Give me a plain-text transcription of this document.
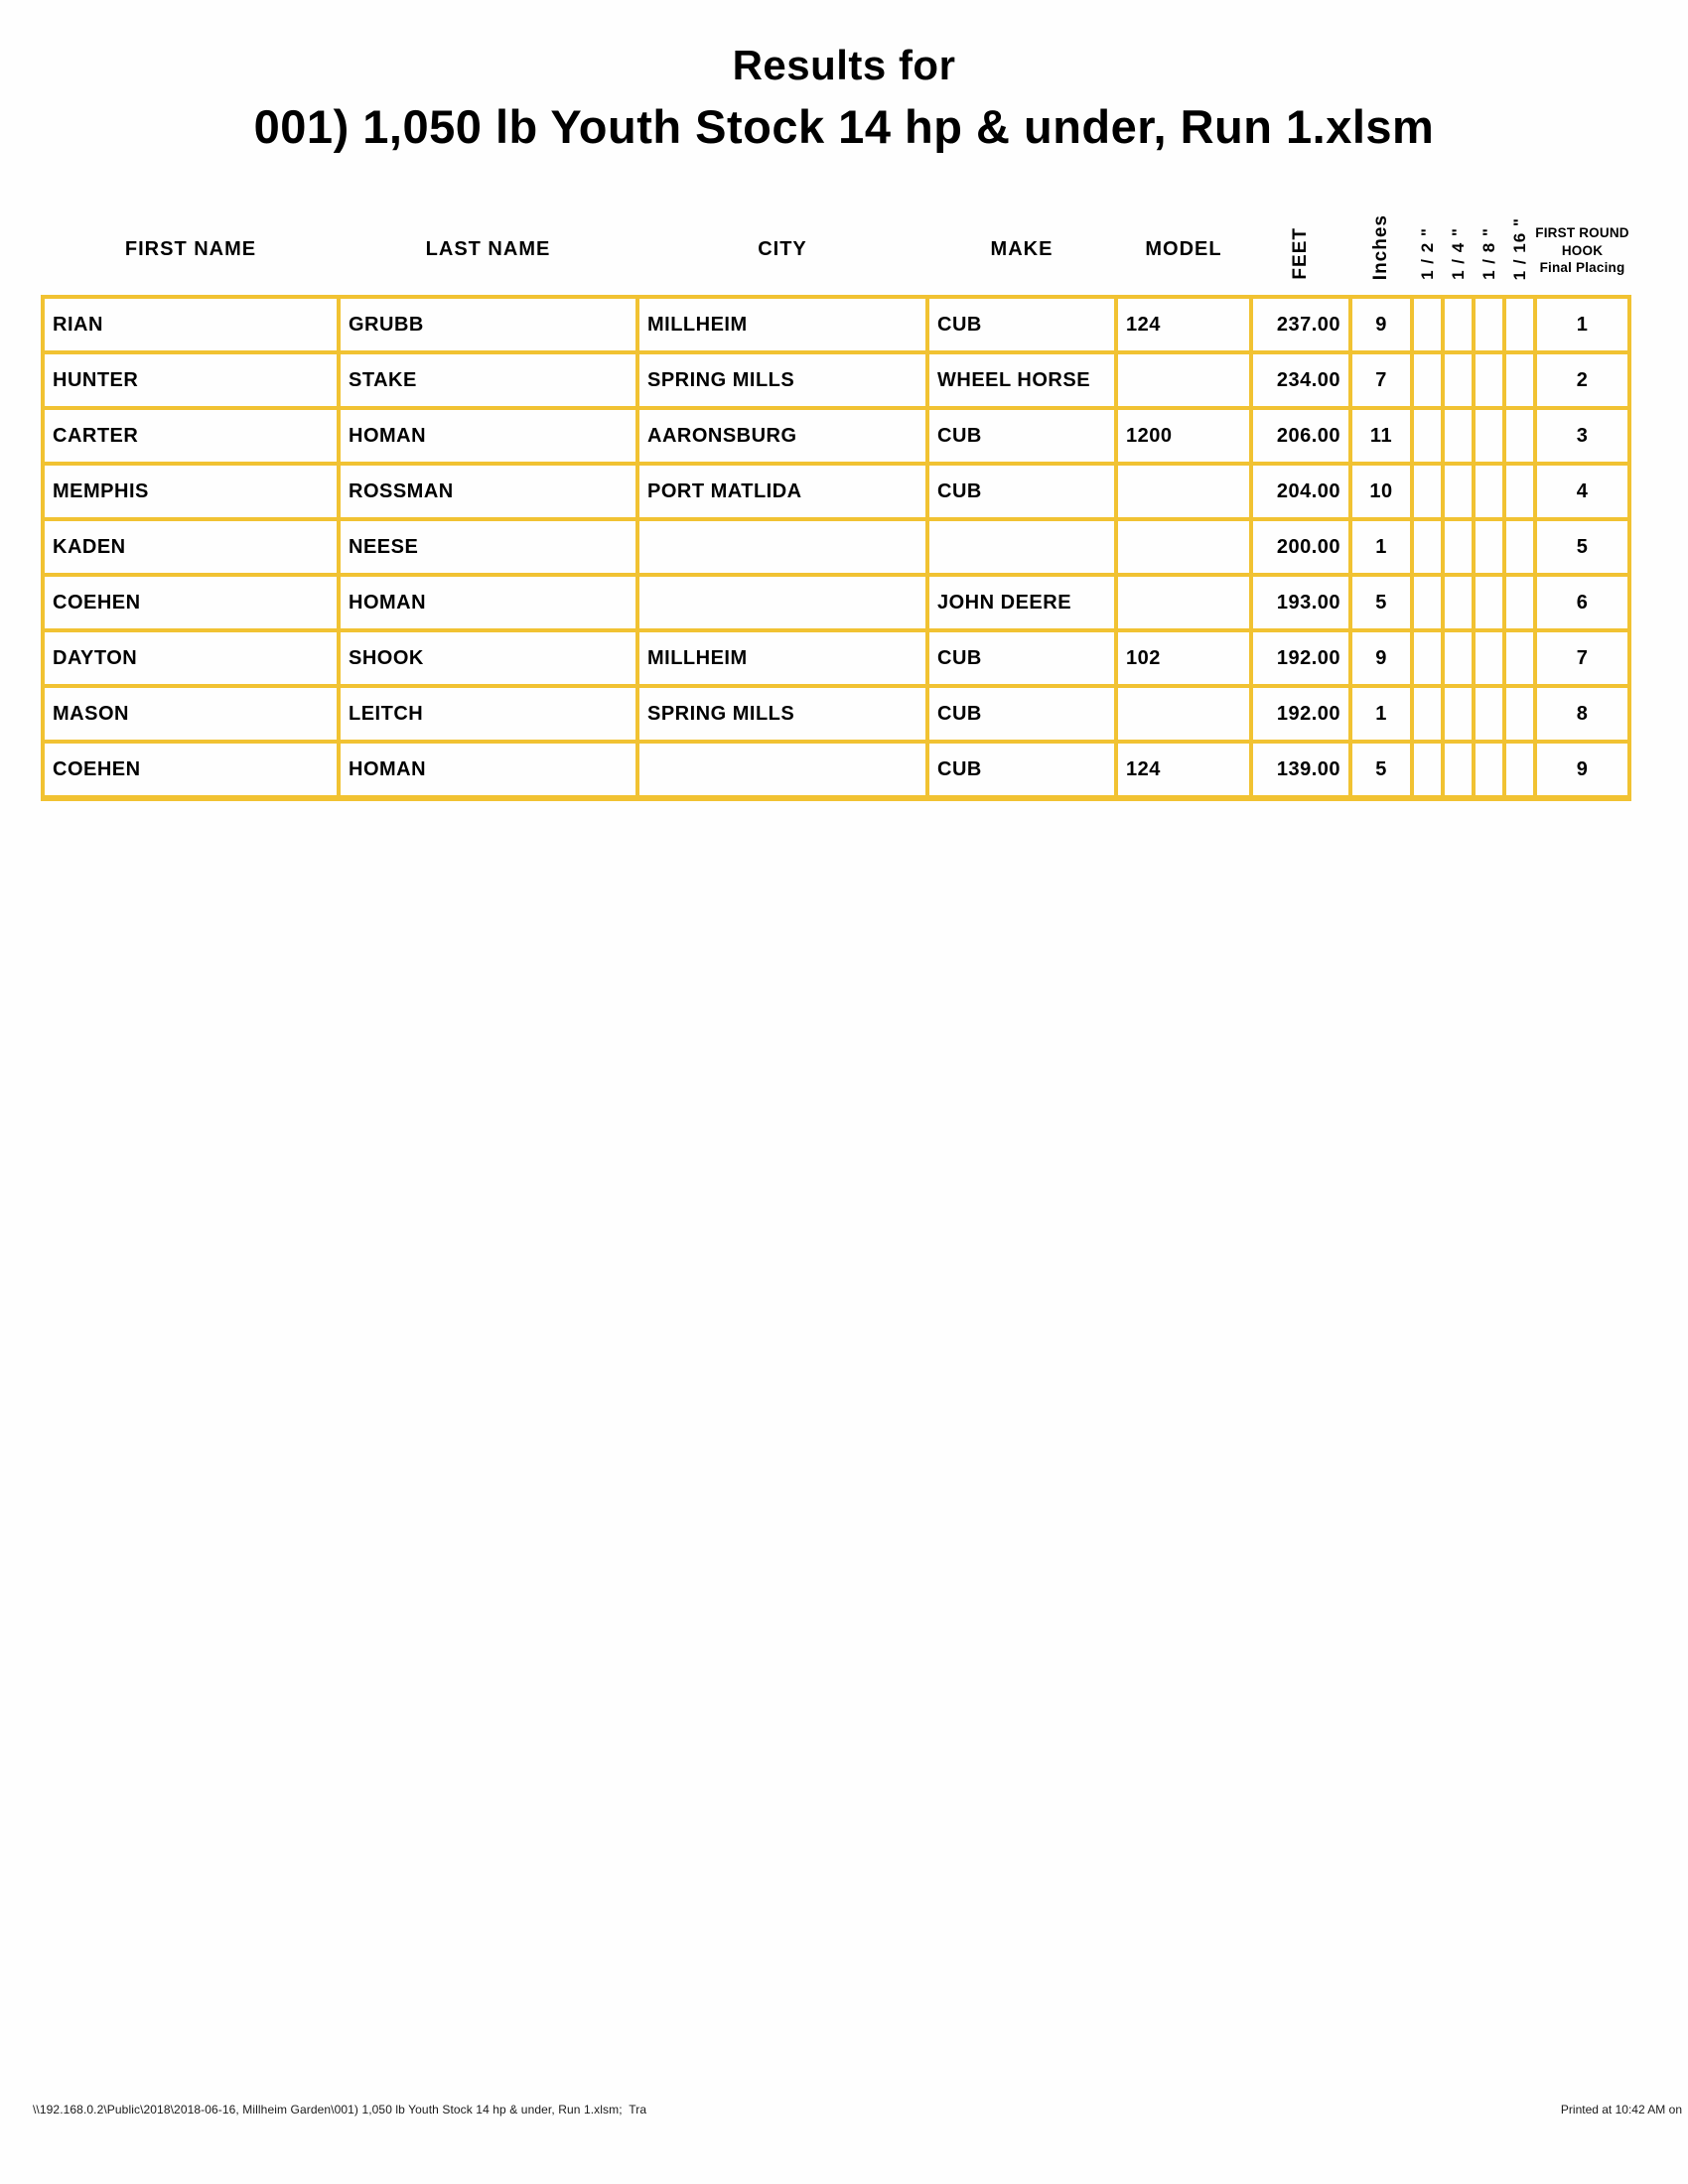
Results for
001) 1,050 lb Youth Stock 14 hp & under, Run 1.xlsm
FIRST NAME	LAST NAME	CITY	MAKE	MODEL	FEET	Inches	1 / 2 "	1 / 4 "	1 / 8 "	1 / 16 "	FIRST ROUND
HOOK
Final Placing

RIAN	GRUBB	MILLHEIM	CUB	124	237.00	9					1
HUNTER	STAKE	SPRING MILLS	WHEEL HORSE		234.00	7					2
CARTER	HOMAN	AARONSBURG	CUB	1200	206.00	11					3
MEMPHIS	ROSSMAN	PORT MATLIDA	CUB		204.00	10					4
KADEN	NEESE				200.00	1					5
COEHEN	HOMAN		JOHN DEERE		193.00	5					6
DAYTON	SHOOK	MILLHEIM	CUB	102	192.00	9					7
MASON	LEITCH	SPRING MILLS	CUB		192.00	1					8
COEHEN	HOMAN		CUB	124	139.00	5					9
\\192.168.0.2\Public\2018\2018-06-16, Millheim Garden\001) 1,050 lb Youth Stock 14 hp & under, Run 1.xlsm;  Tra	Printed at 10:42 AM on
